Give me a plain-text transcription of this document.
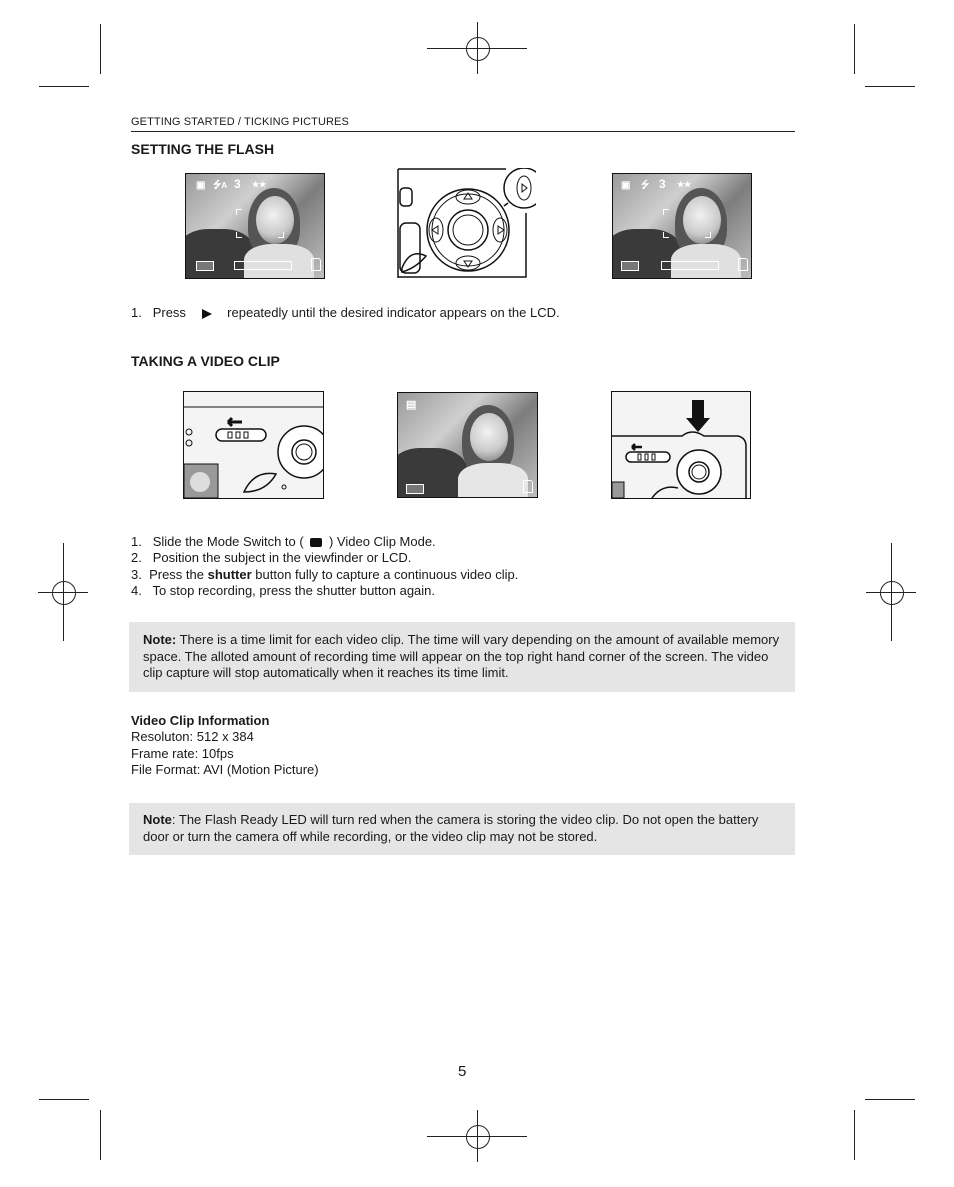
GETTING STARTED / TICKING PICTURES
SETTING THE FLASH
▣ ⭍A 3 ★★	▣ ⭍ 3 ★★
1. Press	repeatedly until the desired indicator appears on the LCD.
TAKING A VIDEO CLIP
▤
1. Slide the Mode Switch to ( ) Video Clip Mode.
2. Position the subject in the viewfinder or LCD.
3. Press the shutter button fully to capture a continuous video clip.
4. To stop recording, press the shutter button again.

Note: There is a time limit for each video clip. The time will vary depending on the amount of available memory space. The alloted amount of recording time will appear on the top right hand corner of the screen. The video clip capture will stop automatically when it reaches its time limit.

Video Clip Information
Resoluton: 512 x 384
Frame rate: 10fps
File Format: AVI (Motion Picture)

Note: The Flash Ready LED will turn red when the camera is storing the video clip. Do not open the battery door or turn the camera off while recording, or the video clip may not be stored.

5
